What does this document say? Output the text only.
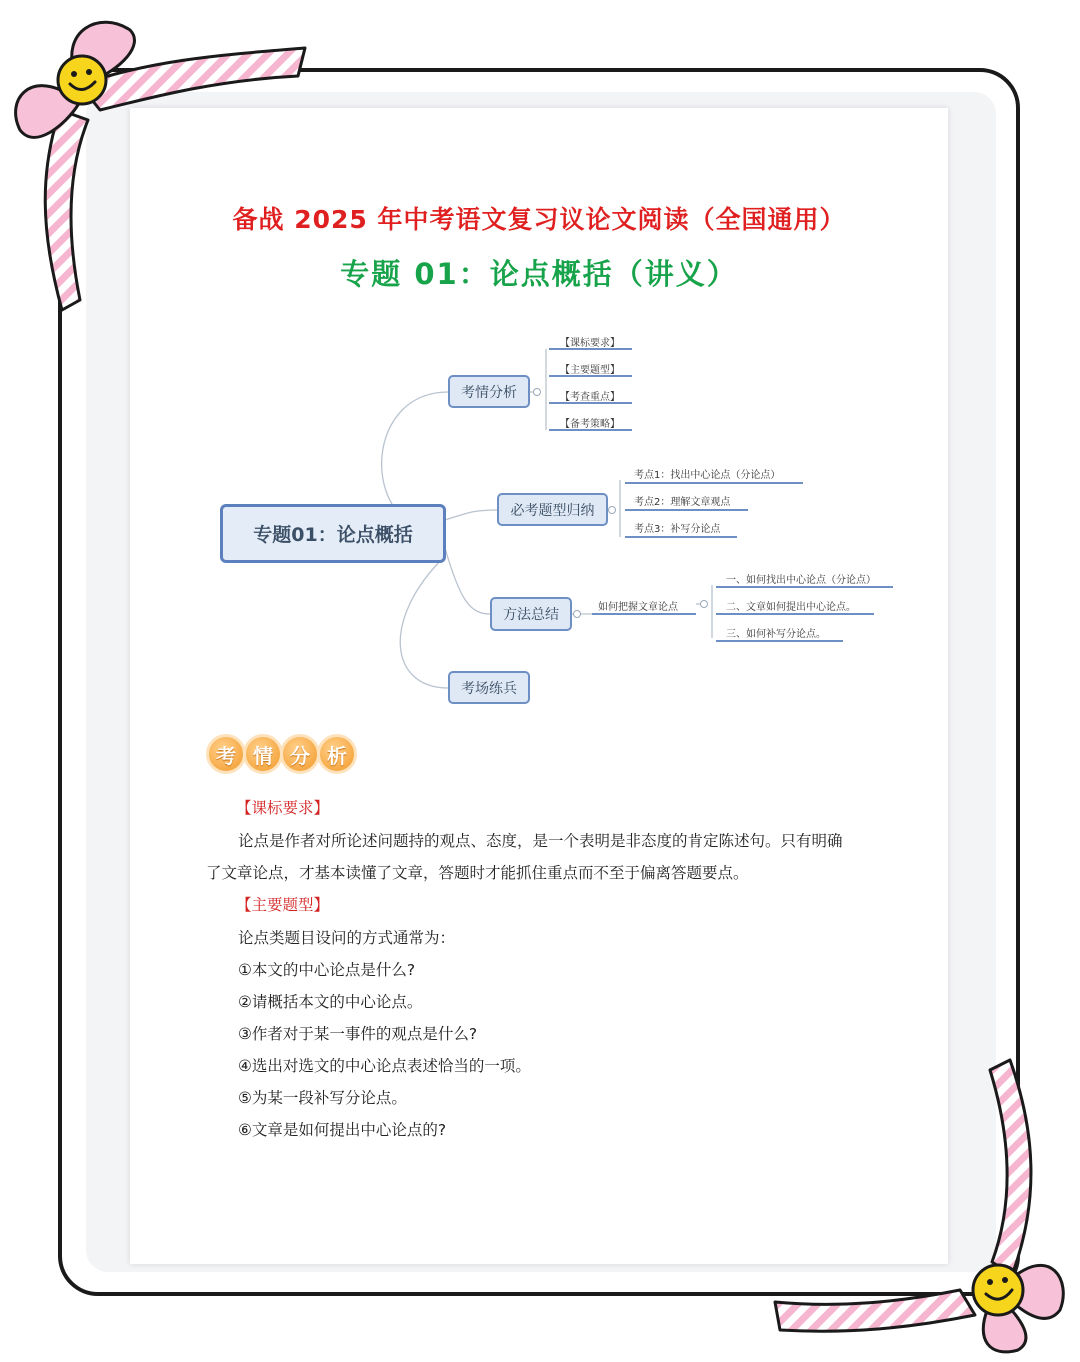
备战 2025 年中考语文复习议论文阅读（全国通用）
专题 01：论点概括（讲义）
专题01：论点概括
考情分析
必考题型归纳
方法总结
考场练兵
【课标要求】
【主要题型】
【考查重点】
【备考策略】
考点1：找出中心论点（分论点）
考点2：理解文章观点
考点3：补写分论点
如何把握文章论点
一、如何找出中心论点（分论点）
二、文章如何提出中心论点。
三、如何补写分论点。
考 情 分 析
【课标要求】
论点是作者对所论述问题持的观点、态度，是一个表明是非态度的肯定陈述句。只有明确
了文章论点，才基本读懂了文章，答题时才能抓住重点而不至于偏离答题要点。
【主要题型】
论点类题目设问的方式通常为：
①本文的中心论点是什么?
②请概括本文的中心论点。
③作者对于某一事件的观点是什么?
④选出对选文的中心论点表述恰当的一项。
⑤为某一段补写分论点。
⑥文章是如何提出中心论点的?
